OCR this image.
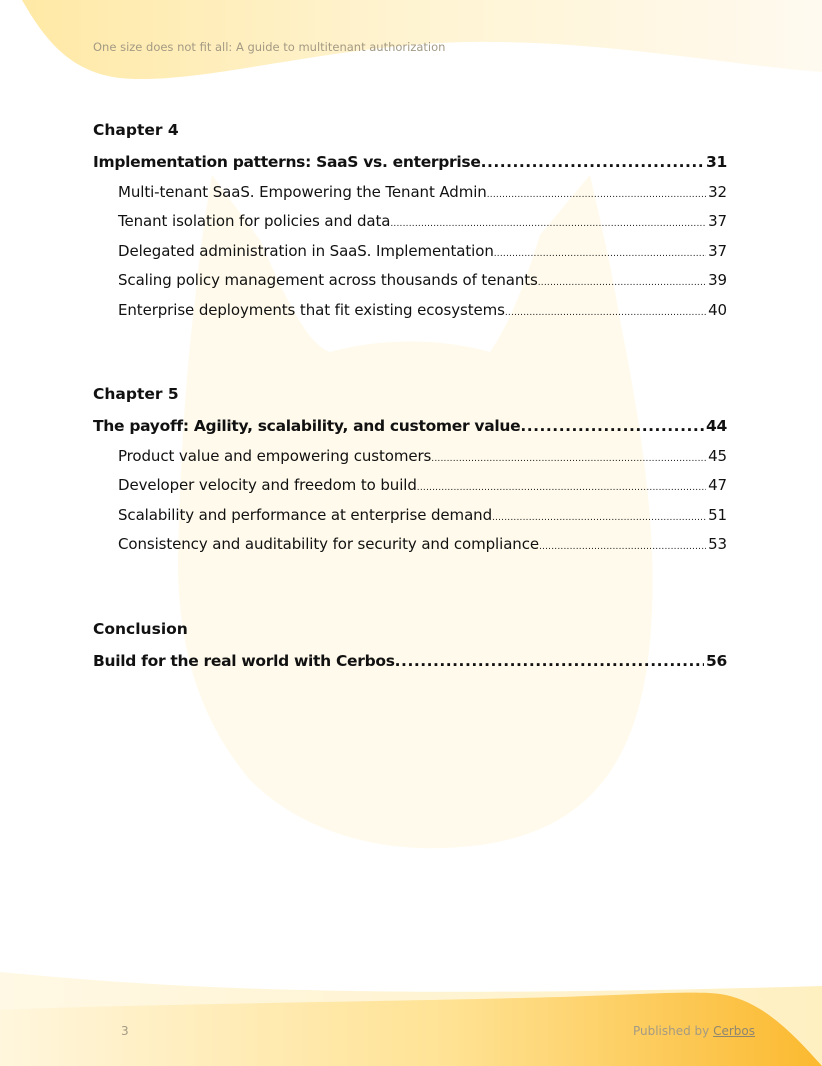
One size does not fit all: A guide to multitenant authorization
Chapter 4
Implementation patterns: SaaS vs. enterprise .....	31
Multi-tenant SaaS. Empowering the Tenant Admin .....	32
Tenant isolation for policies and data .....	37
Delegated administration in SaaS. Implementation .....	37
Scaling policy management across thousands of tenants .....	39
Enterprise deployments that fit existing ecosystems .....	40
Chapter 5
The payoff: Agility, scalability, and customer value .....	44
Product value and empowering customers .....	45
Developer velocity and freedom to build .....	47
Scalability and performance at enterprise demand .....	51
Consistency and auditability for security and compliance .....	53
Conclusion
Build for the real world with Cerbos .....	56
3	Published by Cerbos
